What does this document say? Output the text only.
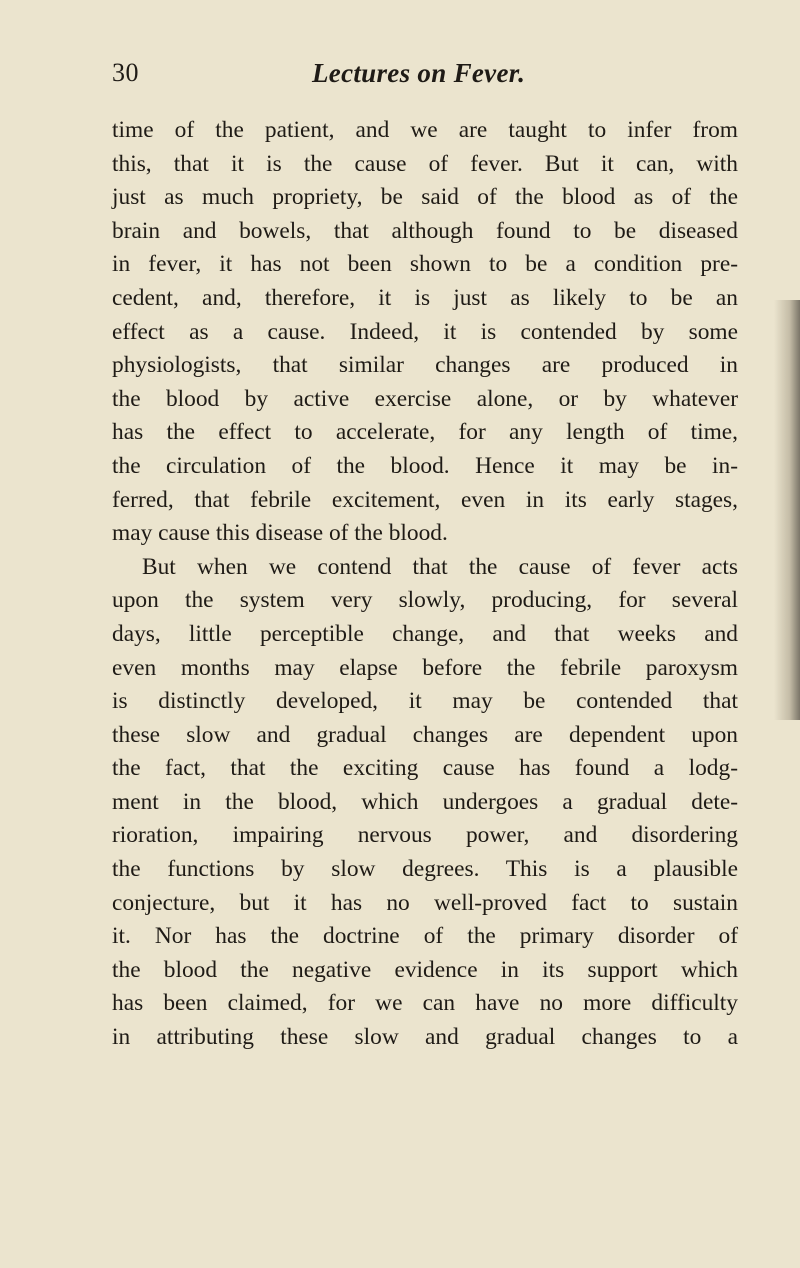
30	Lectures on Fever.
time of the patient, and we are taught to infer from
this, that it is the cause of fever. But it can, with
just as much propriety, be said of the blood as of the
brain and bowels, that although found to be diseased
in fever, it has not been shown to be a condition pre-
cedent, and, therefore, it is just as likely to be an
effect as a cause. Indeed, it is contended by some
physiologists, that similar changes are produced in
the blood by active exercise alone, or by whatever
has the effect to accelerate, for any length of time,
the circulation of the blood. Hence it may be in-
ferred, that febrile excitement, even in its early stages,
may cause this disease of the blood.
But when we contend that the cause of fever acts
upon the system very slowly, producing, for several
days, little perceptible change, and that weeks and
even months may elapse before the febrile paroxysm
is distinctly developed, it may be contended that
these slow and gradual changes are dependent upon
the fact, that the exciting cause has found a lodg-
ment in the blood, which undergoes a gradual dete-
rioration, impairing nervous power, and disordering
the functions by slow degrees. This is a plausible
conjecture, but it has no well-proved fact to sustain
it. Nor has the doctrine of the primary disorder of
the blood the negative evidence in its support which
has been claimed, for we can have no more difficulty
in attributing these slow and gradual changes to a
